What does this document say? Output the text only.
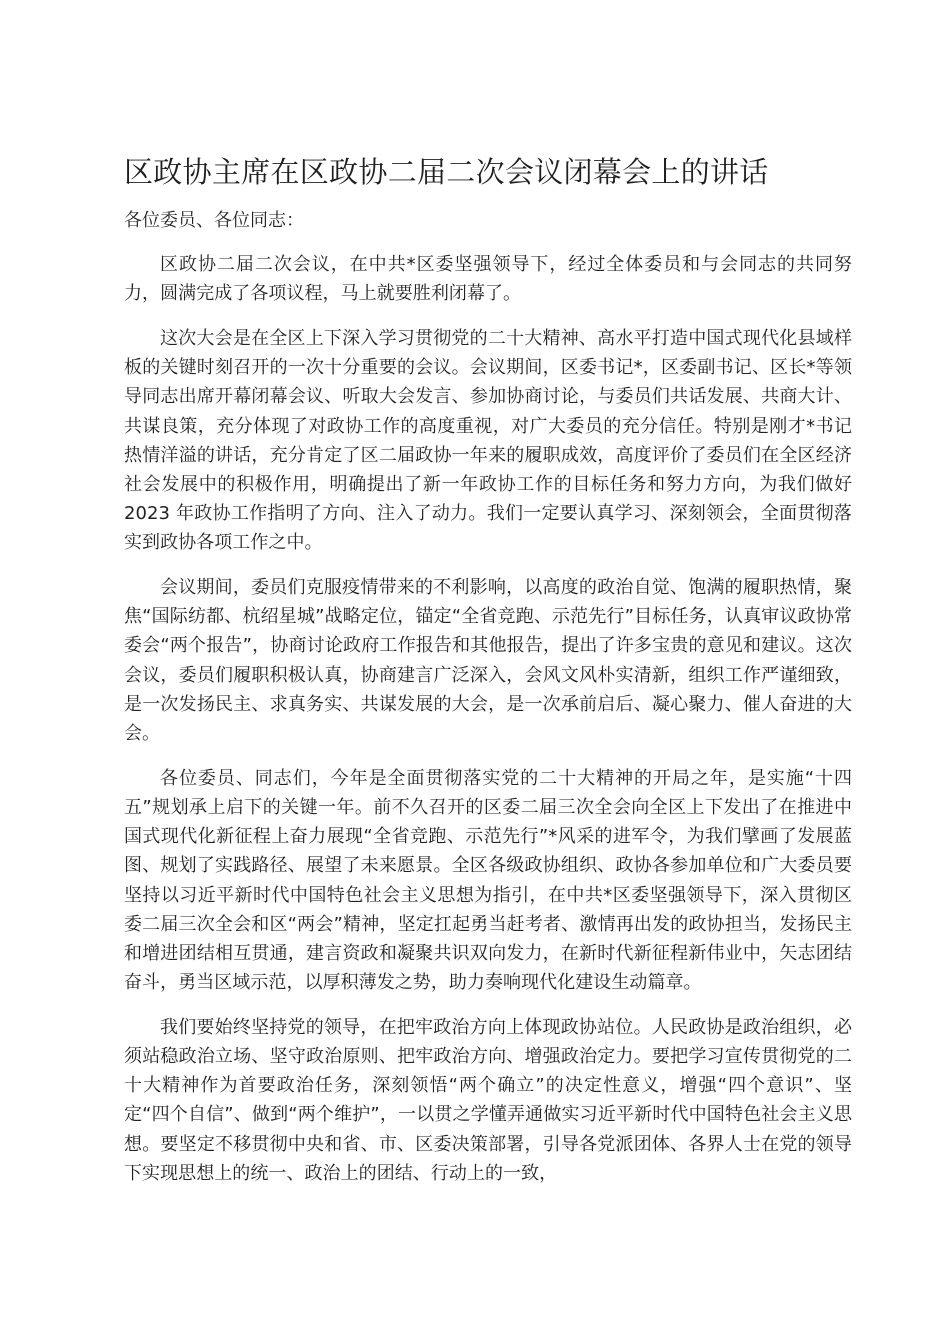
区政协主席在区政协二届二次会议闭幕会上的讲话

各位委员、各位同志：

区政协二届二次会议，在中共*区委坚强领导下，经过全体委员和与会同志的共同努力，圆满完成了各项议程，马上就要胜利闭幕了。

这次大会是在全区上下深入学习贯彻党的二十大精神、高水平打造中国式现代化县域样板的关键时刻召开的一次十分重要的会议。会议期间，区委书记*，区委副书记、区长*等领导同志出席开幕闭幕会议、听取大会发言、参加协商讨论，与委员们共话发展、共商大计、共谋良策，充分体现了对政协工作的高度重视，对广大委员的充分信任。特别是刚才*书记热情洋溢的讲话，充分肯定了区二届政协一年来的履职成效，高度评价了委员们在全区经济社会发展中的积极作用，明确提出了新一年政协工作的目标任务和努力方向，为我们做好 2023 年政协工作指明了方向、注入了动力。我们一定要认真学习、深刻领会，全面贯彻落实到政协各项工作之中。

会议期间，委员们克服疫情带来的不利影响，以高度的政治自觉、饱满的履职热情，聚焦“国际纺都、杭绍星城”战略定位，锚定“全省竞跑、示范先行”目标任务，认真审议政协常委会“两个报告”，协商讨论政府工作报告和其他报告，提出了许多宝贵的意见和建议。这次会议，委员们履职积极认真，协商建言广泛深入，会风文风朴实清新，组织工作严谨细致，是一次发扬民主、求真务实、共谋发展的大会，是一次承前启后、凝心聚力、催人奋进的大会。

各位委员、同志们，今年是全面贯彻落实党的二十大精神的开局之年，是实施“十四五”规划承上启下的关键一年。前不久召开的区委二届三次全会向全区上下发出了在推进中国式现代化新征程上奋力展现“全省竞跑、示范先行”*风采的进军令，为我们擘画了发展蓝图、规划了实践路径、展望了未来愿景。全区各级政协组织、政协各参加单位和广大委员要坚持以习近平新时代中国特色社会主义思想为指引，在中共*区委坚强领导下，深入贯彻区委二届三次全会和区“两会”精神，坚定扛起勇当赶考者、激情再出发的政协担当，发扬民主和增进团结相互贯通，建言资政和凝聚共识双向发力，在新时代新征程新伟业中，矢志团结奋斗，勇当区域示范，以厚积薄发之势，助力奏响现代化建设生动篇章。

我们要始终坚持党的领导，在把牢政治方向上体现政协站位。人民政协是政治组织，必须站稳政治立场、坚守政治原则、把牢政治方向、增强政治定力。要把学习宣传贯彻党的二十大精神作为首要政治任务，深刻领悟“两个确立”的决定性意义，增强“四个意识”、坚定“四个自信”、做到“两个维护”，一以贯之学懂弄通做实习近平新时代中国特色社会主义思想。要坚定不移贯彻中央和省、市、区委决策部署，引导各党派团体、各界人士在党的领导下实现思想上的统一、政治上的团结、行动上的一致，
